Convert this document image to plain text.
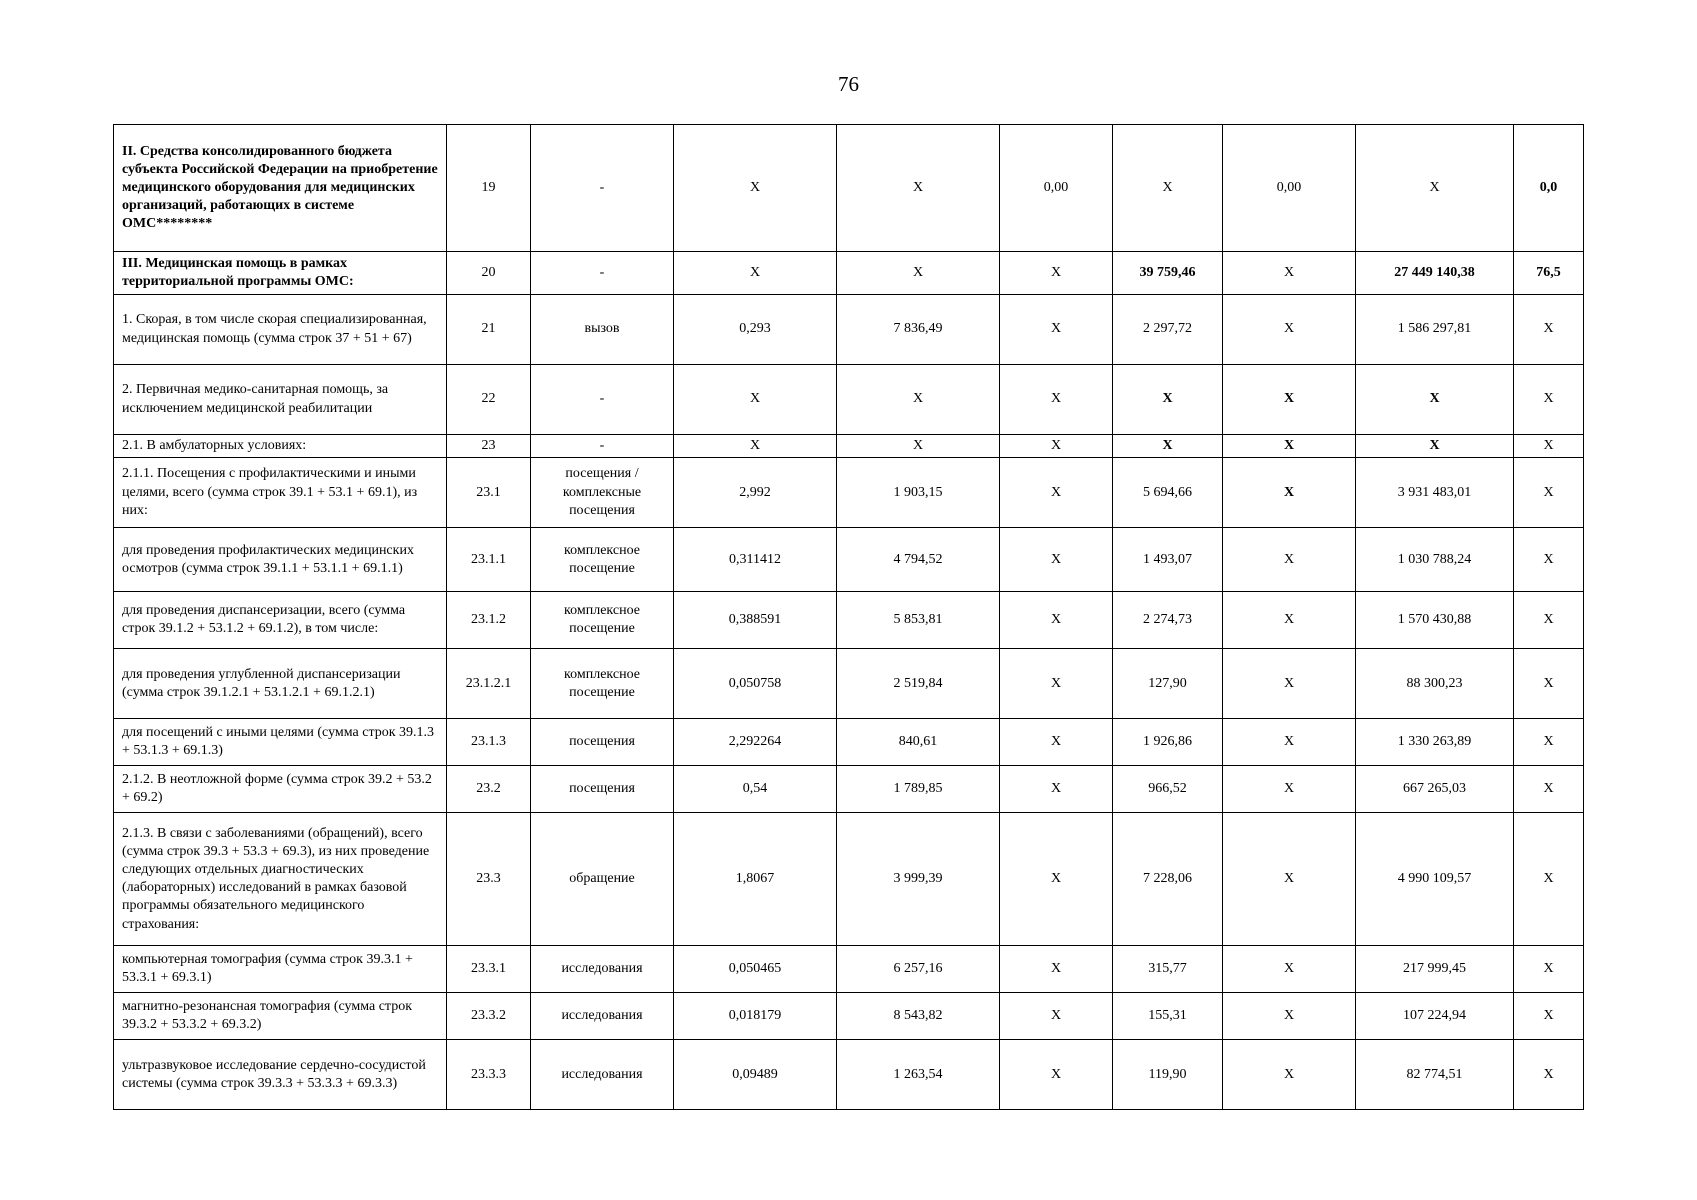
76
II. Средства консолидированного бюджета субъекта Российской Федерации на приобретение медицинского оборудования для медицинских организаций, работающих в системе ОМС********	19	-	X	X	0,00	X	0,00	X	0,0
III. Медицинская помощь в рамках территориальной программы ОМС:	20	-	X	X	X	39 759,46	X	27 449 140,38	76,5
1. Скорая, в том числе скорая специализированная, медицинская помощь (сумма строк 37 + 51 + 67)	21	вызов	0,293	7 836,49	X	2 297,72	X	1 586 297,81	X
2. Первичная медико-санитарная помощь, за исключением медицинской реабилитации	22	-	X	X	X	X	X	X	X
2.1. В амбулаторных условиях:	23	-	X	X	X	X	X	X	X
2.1.1. Посещения с профилактическими и иными целями, всего (сумма строк 39.1 + 53.1 + 69.1), из них:	23.1	посещения / комплексные посещения	2,992	1 903,15	X	5 694,66	X	3 931 483,01	X
для проведения профилактических медицинских осмотров (сумма строк 39.1.1 + 53.1.1 + 69.1.1)	23.1.1	комплексное посещение	0,311412	4 794,52	X	1 493,07	X	1 030 788,24	X
для проведения диспансеризации, всего (сумма строк 39.1.2 + 53.1.2 + 69.1.2), в том числе:	23.1.2	комплексное посещение	0,388591	5 853,81	X	2 274,73	X	1 570 430,88	X
для проведения углубленной диспансеризации (сумма строк 39.1.2.1 + 53.1.2.1 + 69.1.2.1)	23.1.2.1	комплексное посещение	0,050758	2 519,84	X	127,90	X	88 300,23	X
для посещений с иными целями (сумма строк 39.1.3 + 53.1.3 + 69.1.3)	23.1.3	посещения	2,292264	840,61	X	1 926,86	X	1 330 263,89	X
2.1.2. В неотложной форме (сумма строк 39.2 + 53.2 + 69.2)	23.2	посещения	0,54	1 789,85	X	966,52	X	667 265,03	X
2.1.3. В связи с заболеваниями (обращений), всего (сумма строк 39.3 + 53.3 + 69.3), из них проведение следующих отдельных диагностических (лабораторных) исследований в рамках базовой программы обязательного медицинского страхования:	23.3	обращение	1,8067	3 999,39	X	7 228,06	X	4 990 109,57	X
компьютерная томография (сумма строк 39.3.1 + 53.3.1 + 69.3.1)	23.3.1	исследования	0,050465	6 257,16	X	315,77	X	217 999,45	X
магнитно-резонансная томография (сумма строк 39.3.2 + 53.3.2 + 69.3.2)	23.3.2	исследования	0,018179	8 543,82	X	155,31	X	107 224,94	X
ультразвуковое исследование сердечно-сосудистой системы (сумма строк 39.3.3 + 53.3.3 + 69.3.3)	23.3.3	исследования	0,09489	1 263,54	X	119,90	X	82 774,51	X
